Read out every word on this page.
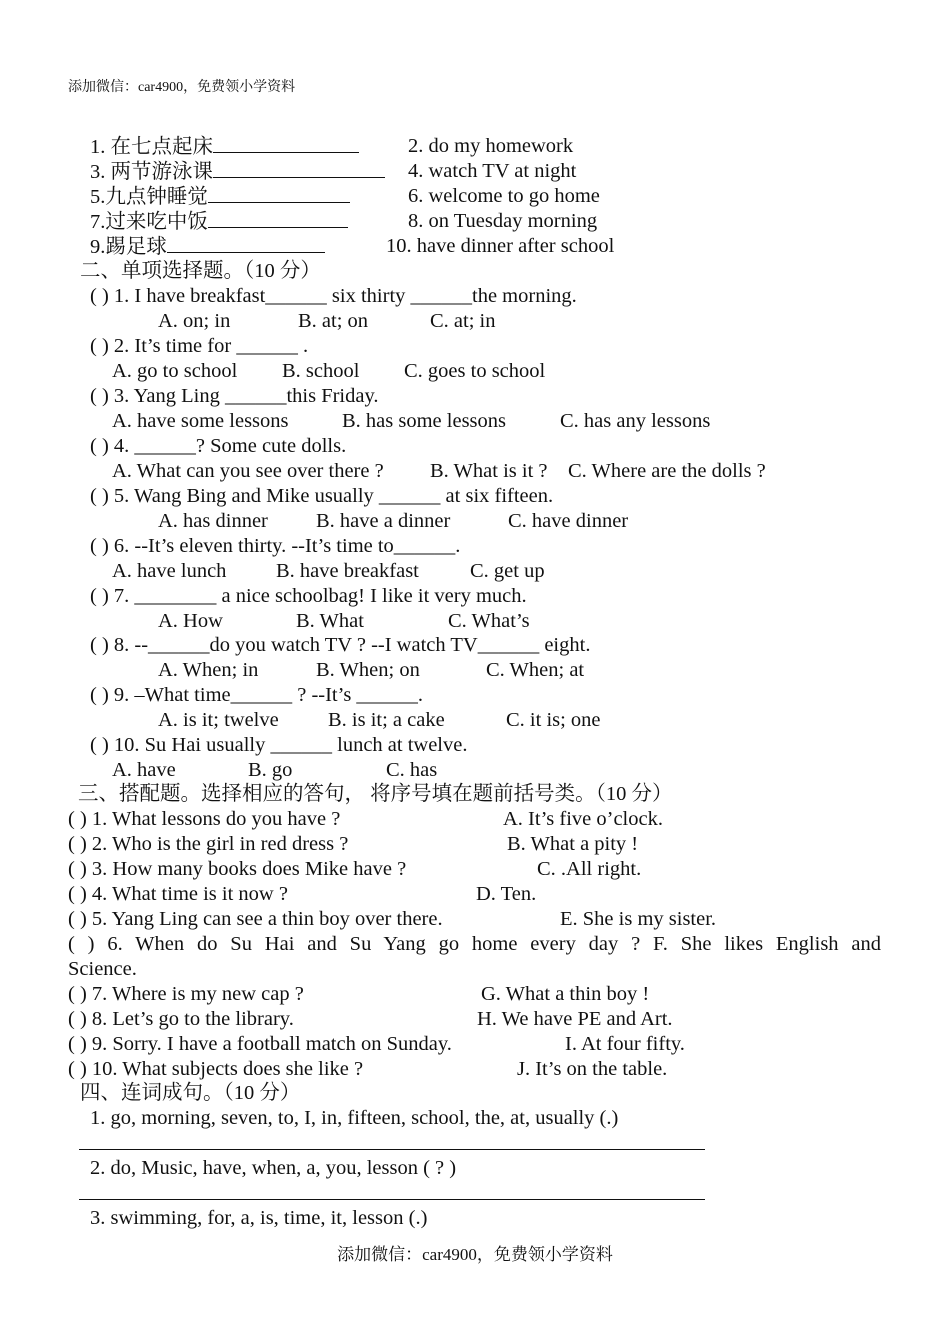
添加微信：car4900，免费领小学资料
1. 在七点起床	2. do my homework
3. 两节游泳课	4. watch TV at night
5.九点钟睡觉	6. welcome to go home
7.过来吃中饭	8. on Tuesday morning
9.踢足球	10. have dinner after school
二、单项选择题。（10 分）
( ) 1. I have breakfast______ six thirty ______the morning.
A. on; in	B. at; on	C. at; in
( ) 2. It’s time for ______ .
A. go to school B. school C. goes to school
( ) 3. Yang Ling ______this Friday.
A. have some lessons	B. has some lessons	C. has any lessons
( ) 4. ______? Some cute dolls.
A. What can you see over there ? B. What is it ? C. Where are the dolls ?
( ) 5. Wang Bing and Mike usually ______ at six fifteen.
A. has dinner B. have a dinner	C. have dinner
( ) 6. --It’s eleven thirty. --It’s time to______.
A. have lunch B. have breakfast C. get up
( ) 7. ________ a nice schoolbag! I like it very much.
A. How	B. What	C. What’s
( ) 8. --______do you watch TV ? --I watch TV______ eight.
A. When; in	B. When; on	C. When; at
( ) 9. –What time______ ? --It’s ______.
A. is it; twelve B. is it; a cake	C. it is; one
( ) 10. Su Hai usually ______ lunch at twelve.
A. have	B. go	C. has
三、搭配题。选择相应的答句， 将序号填在题前括号类。（10 分）
( ) 1. What lessons do you have ?	A. It’s five o’clock.
( ) 2. Who is the girl in red dress ?	B. What a pity !
( ) 3. How many books does Mike have ?	C. .All right.
( ) 4. What time is it now ?	D. Ten.
( ) 5. Yang Ling can see a thin boy over there.	E. She is my sister.
( ) 6. When do Su Hai and Su Yang go home every day ? F. She likes English and
Science.
( ) 7. Where is my new cap ?	G. What a thin boy !
( ) 8. Let’s go to the library.	H. We have PE and Art.
( ) 9. Sorry. I have a football match on Sunday.	I. At four fifty.
( ) 10. What subjects does she like ?	J. It’s on the table.
四、连词成句。（10 分）
1. go, morning, seven, to, I, in, fifteen, school, the, at, usually (.)
2. do, Music, have, when, a, you, lesson ( ? )
3. swimming, for, a, is, time, it, lesson (.)
添加微信：car4900，免费领小学资料
